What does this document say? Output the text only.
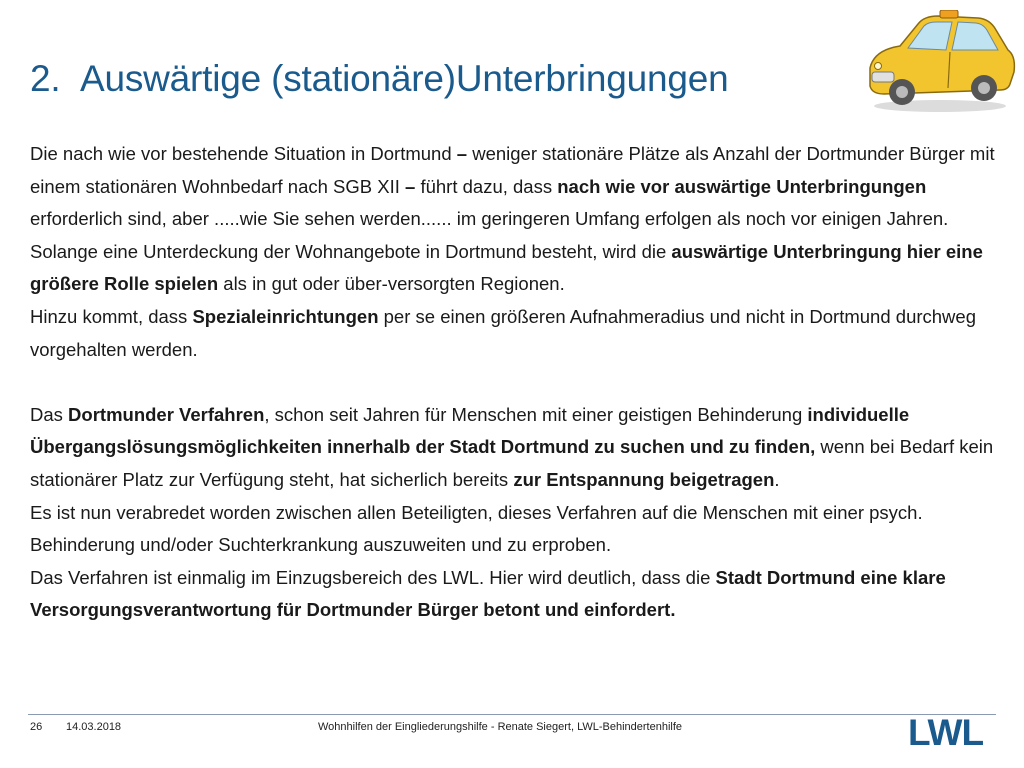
2. Auswärtige (stationäre)Unterbringungen

Die nach wie vor bestehende Situation in Dortmund – weniger stationäre Plätze als Anzahl der Dortmunder Bürger mit einem stationären Wohnbedarf nach SGB XII – führt dazu, dass nach wie vor auswärtige Unterbringungen erforderlich sind, aber .....wie Sie sehen werden...... im geringeren Umfang erfolgen als noch vor einigen Jahren.

Solange eine Unterdeckung der Wohnangebote in Dortmund besteht, wird die auswärtige Unterbringung hier eine größere Rolle spielen als in gut oder über-versorgten Regionen.

Hinzu kommt, dass Spezialeinrichtungen per se einen größeren Aufnahmeradius und nicht in Dortmund durchweg vorgehalten werden.

Das Dortmunder Verfahren, schon seit Jahren für Menschen mit einer geistigen Behinderung individuelle Übergangslösungsmöglichkeiten innerhalb der Stadt Dortmund zu suchen und zu finden, wenn bei Bedarf kein stationärer Platz zur Verfügung steht, hat sicherlich bereits zur Entspannung beigetragen.

Es ist nun verabredet worden zwischen allen Beteiligten, dieses Verfahren auf die Menschen mit einer psych. Behinderung und/oder Suchterkrankung auszuweiten und zu erproben.

Das Verfahren ist einmalig im Einzugsbereich des LWL. Hier wird deutlich, dass die Stadt Dortmund eine klare Versorgungsverantwortung für Dortmunder Bürger betont und einfordert.

26 14.03.2018	Wohnhilfen der Eingliederungshilfe - Renate Siegert, LWL-Behindertenhilfe	LWL
